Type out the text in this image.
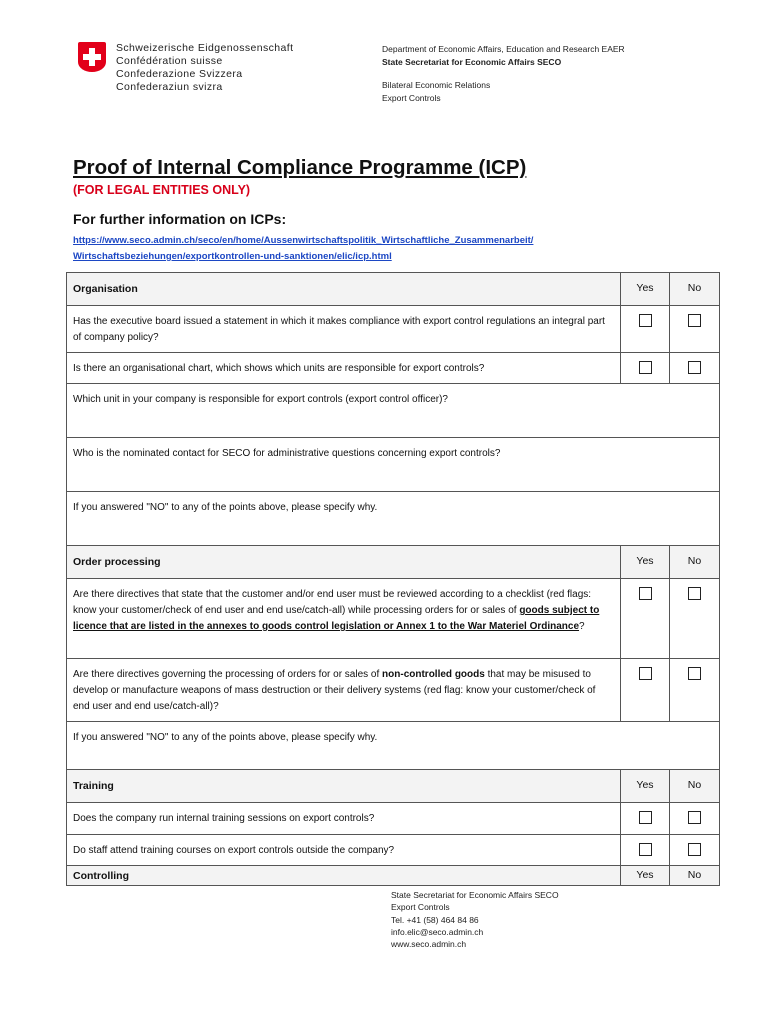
Schweizerische Eidgenossenschaft
Confédération suisse
Confederazione Svizzera
Confederaziun svizra
Department of Economic Affairs, Education and Research EAER
State Secretariat for Economic Affairs SECO
Bilateral Economic Relations
Export Controls
Proof of Internal Compliance Programme (ICP)
(FOR LEGAL ENTITIES ONLY)
For further information on ICPs:
https://www.seco.admin.ch/seco/en/home/Aussenwirtschaftspolitik_Wirtschaftliche_Zusammenarbeit/
Wirtschaftsbeziehungen/exportkontrollen-und-sanktionen/elic/icp.html
Organisation	Yes	No
Has the executive board issued a statement in which it makes compliance with export control regulations an integral part of company policy?		
Is there an organisational chart, which shows which units are responsible for export controls?		
Which unit in your company is responsible for export controls (export control officer)?		
Who is the nominated contact for SECO for administrative questions concerning export controls?		
If you answered "NO" to any of the points above, please specify why.		
Order processing	Yes	No
Are there directives that state that the customer and/or end user must be reviewed according to a checklist (red flags: know your customer/check of end user and end use/catch-all) while processing orders for or sales of goods subject to licence that are listed in the annexes to goods control legislation or Annex 1 to the War Materiel Ordinance?		
Are there directives governing the processing of orders for or sales of non-controlled goods that may be misused to develop or manufacture weapons of mass destruction or their delivery systems (red flag: know your customer/check of end user and end use/catch-all)?		
If you answered "NO" to any of the points above, please specify why.		
Training	Yes	No
Does the company run internal training sessions on export controls?		
Do staff attend training courses on export controls outside the company?		
Controlling	Yes	No
State Secretariat for Economic Affairs SECO
Export Controls
Tel. +41 (58) 464 84 86
info.elic@seco.admin.ch
www.seco.admin.ch
